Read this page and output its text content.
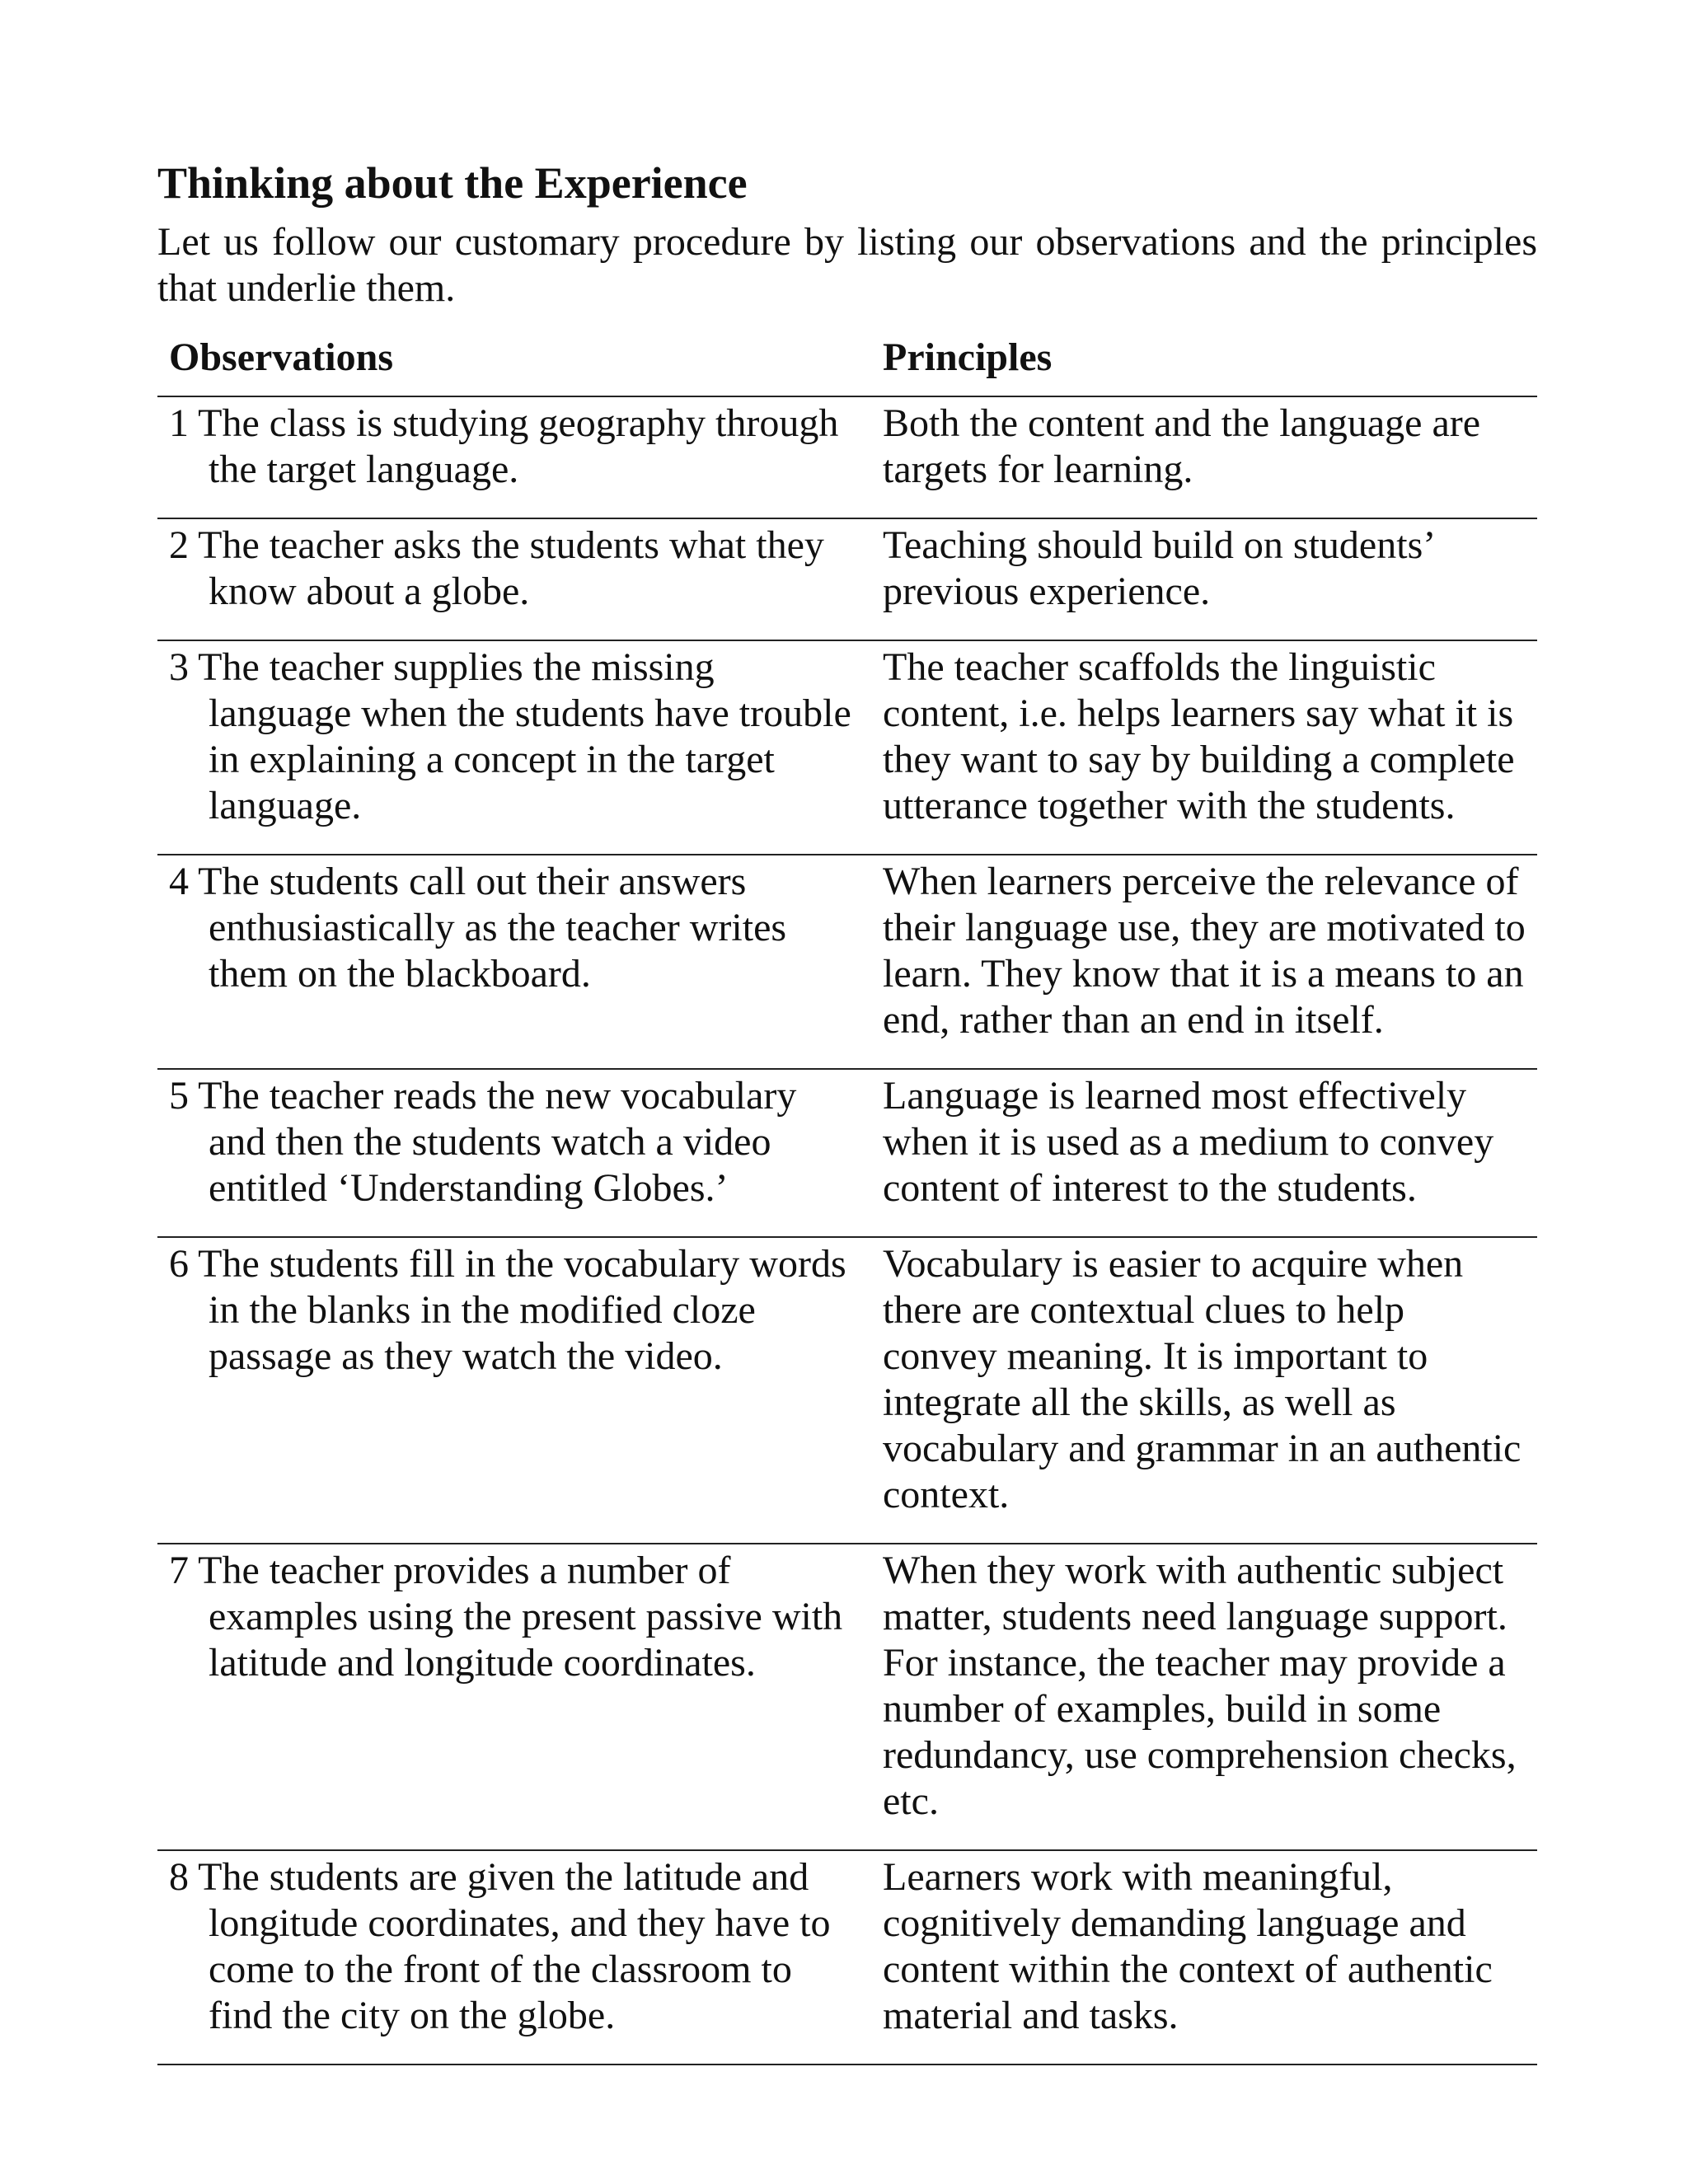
Thinking about the Experience

Let us follow our customary procedure by listing our observations and the principles that underlie them.

Observations	Principles

1 The class is studying geography through the target language.	Both the content and the language are targets for learning.

2 The teacher asks the students what they know about a globe.	Teaching should build on students’ previous experience.

3 The teacher supplies the missing language when the students have trouble in explaining a concept in the target language.	The teacher scaffolds the linguistic content, i.e. helps learners say what it is they want to say by building a complete utterance together with the students.

4 The students call out their answers enthusiastically as the teacher writes them on the blackboard.	When learners perceive the relevance of their language use, they are motivated to learn. They know that it is a means to an end, rather than an end in itself.

5 The teacher reads the new vocabulary and then the students watch a video entitled ‘Understanding Globes.’	Language is learned most effectively when it is used as a medium to convey content of interest to the students.

6 The students fill in the vocabulary words in the blanks in the modified cloze passage as they watch the video.	Vocabulary is easier to acquire when there are contextual clues to help convey meaning. It is important to integrate all the skills, as well as vocabulary and grammar in an authentic context.

7 The teacher provides a number of examples using the present passive with latitude and longitude coordinates.	When they work with authentic subject matter, students need language support. For instance, the teacher may provide a number of examples, build in some redundancy, use comprehension checks, etc.

8 The students are given the latitude and longitude coordinates, and they have to come to the front of the classroom to find the city on the globe.	Learners work with meaningful, cognitively demanding language and content within the context of authentic material and tasks.
